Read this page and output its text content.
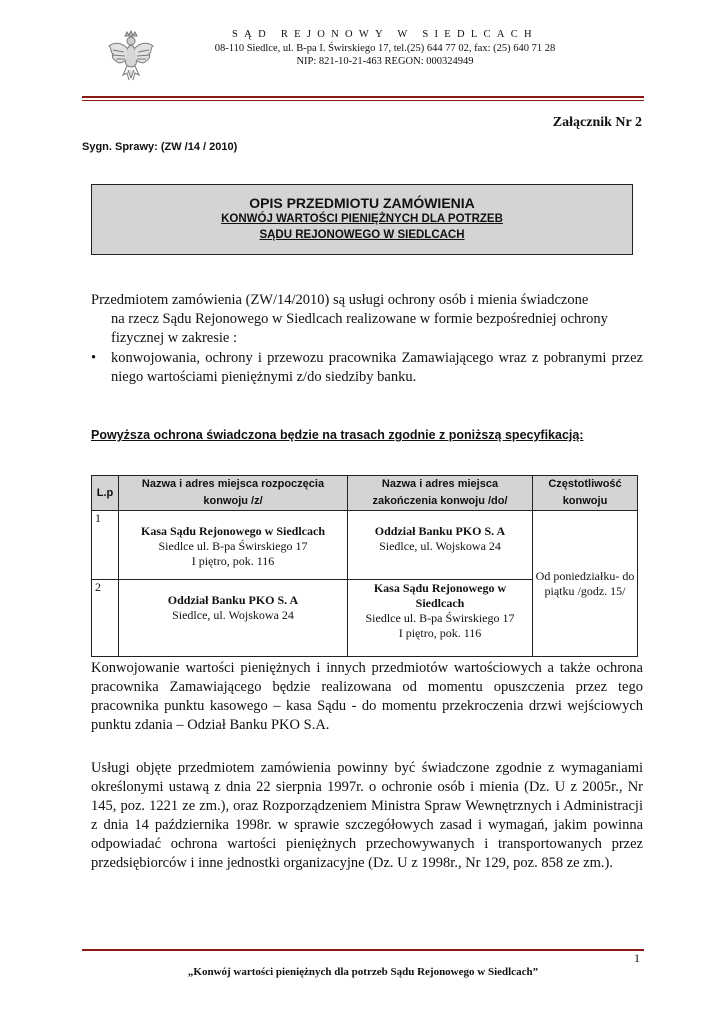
SĄD REJONOWY W SIEDLCACH
08-110 Siedlce, ul. B-pa I. Świrskiego 17, tel.(25) 644 77 02, fax: (25) 640 71 28
NIP: 821-10-21-463 REGON: 000324949
Załącznik Nr 2
Sygn. Sprawy: (ZW /14 / 2010)
OPIS PRZEDMIOTU ZAMÓWIENIA
KONWÓJ WARTOŚCI PIENIĘŻNYCH DLA POTRZEB
SĄDU REJONOWEGO W SIEDLCACH
Przedmiotem zamówienia (ZW/14/2010) są usługi ochrony osób i mienia świadczone
na rzecz Sądu Rejonowego w Siedlcach realizowane w formie bezpośredniej ochrony fizycznej w zakresie :
• konwojowania, ochrony i przewozu pracownika Zamawiającego wraz z pobranymi przez niego wartościami pieniężnymi z/do siedziby banku.
Powyższa ochrona świadczona będzie na trasach zgodnie z poniższą specyfikacją:
L.p	Nazwa i adres miejsca rozpoczęcia konwoju /z/	Nazwa i adres miejsca zakończenia konwoju /do/	Częstotliwość konwoju
1	Kasa Sądu Rejonowego w Siedlcach
Siedlce ul. B-pa Świrskiego 17
I piętro, pok. 116	Oddział Banku PKO S. A
Siedlce, ul. Wojskowa 24	Od poniedziałku- do piątku /godz. 15/
2	Oddział Banku PKO S. A
Siedlce, ul. Wojskowa 24	Kasa Sądu Rejonowego w Siedlcach
Siedlce ul. B-pa Świrskiego 17
I piętro, pok. 116	
Konwojowanie wartości pieniężnych i innych przedmiotów wartościowych a także ochrona pracownika Zamawiającego będzie realizowana od momentu opuszczenia przez tego pracownika punktu kasowego – kasa Sądu - do momentu przekroczenia drzwi wejściowych punktu zdania – Odział Banku PKO S.A.
Usługi objęte przedmiotem zamówienia powinny być świadczone zgodnie z wymaganiami określonymi ustawą z dnia 22 sierpnia 1997r. o ochronie osób i mienia (Dz. U z 2005r., Nr 145, poz. 1221 ze zm.), oraz Rozporządzeniem Ministra Spraw Wewnętrznych i Administracji z dnia 14 października 1998r. w sprawie szczegółowych zasad i wymagań, jakim powinna odpowiadać ochrona wartości pieniężnych przechowywanych i transportowanych przez przedsiębiorców i inne jednostki organizacyjne (Dz. U z 1998r., Nr 129, poz. 858 ze zm.).
1
„Konwój wartości pieniężnych dla potrzeb Sądu Rejonowego w Siedlcach”
